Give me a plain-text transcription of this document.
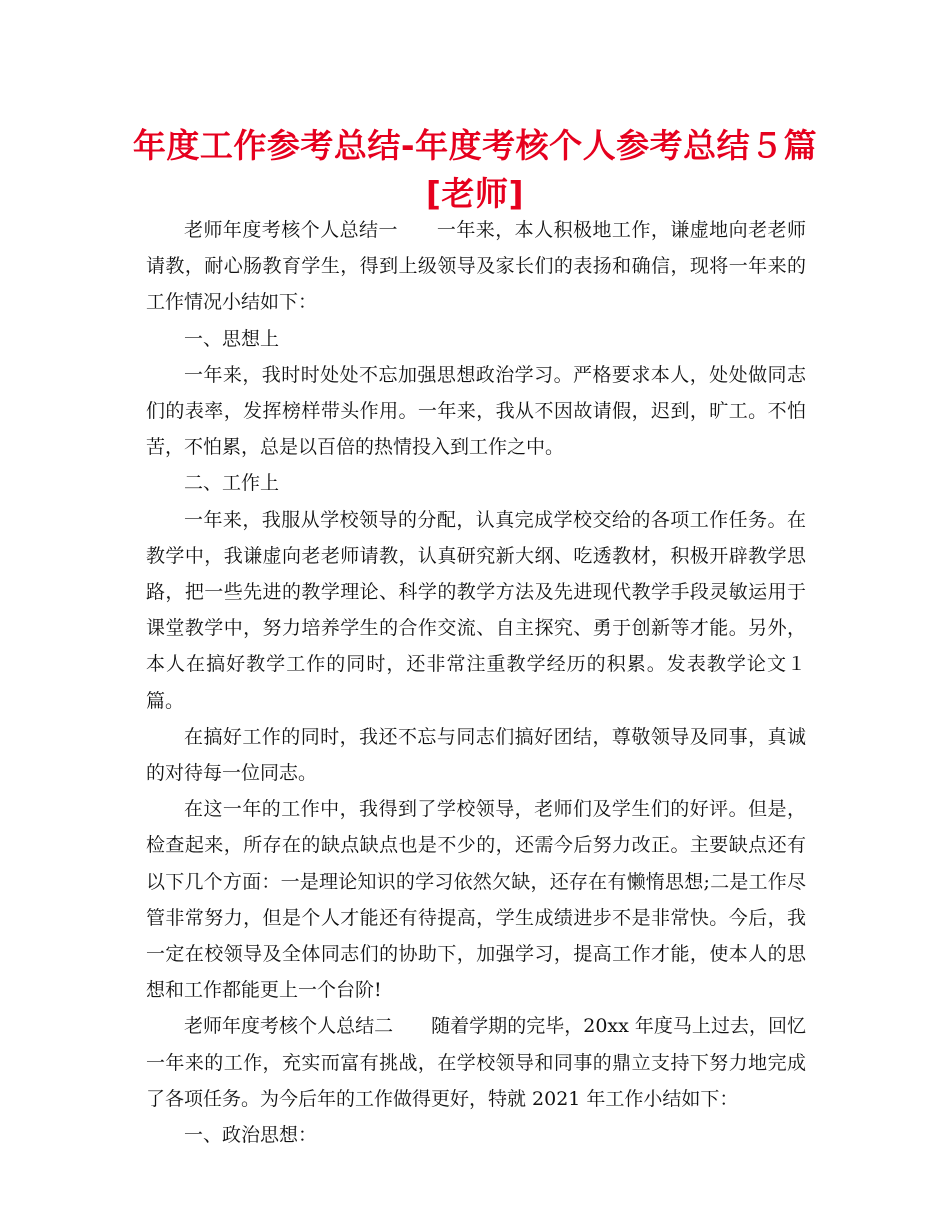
年度工作参考总结-年度考核个人参考总结５篇
[老师]

老师年度考核个人总结一　　一年来，本人积极地工作，谦虚地向老老师请教，耐心肠教育学生，得到上级领导及家长们的表扬和确信，现将一年来的工作情况小结如下：

一、思想上

一年来，我时时处处不忘加强思想政治学习。严格要求本人，处处做同志们的表率，发挥榜样带头作用。一年来，我从不因故请假，迟到，旷工。不怕苦，不怕累，总是以百倍的热情投入到工作之中。

二、工作上

一年来，我服从学校领导的分配，认真完成学校交给的各项工作任务。在教学中，我谦虚向老老师请教，认真研究新大纲、吃透教材，积极开辟教学思路，把一些先进的教学理论、科学的教学方法及先进现代教学手段灵敏运用于课堂教学中，努力培养学生的合作交流、自主探究、勇于创新等才能。另外，本人在搞好教学工作的同时，还非常注重教学经历的积累。发表教学论文１篇。

在搞好工作的同时，我还不忘与同志们搞好团结，尊敬领导及同事，真诚的对待每一位同志。

在这一年的工作中，我得到了学校领导，老师们及学生们的好评。但是，检查起来，所存在的缺点缺点也是不少的，还需今后努力改正。主要缺点还有以下几个方面：一是理论知识的学习依然欠缺，还存在有懒惰思想;二是工作尽管非常努力，但是个人才能还有待提高，学生成绩进步不是非常快。今后，我一定在校领导及全体同志们的协助下，加强学习，提高工作才能，使本人的思想和工作都能更上一个台阶!

老师年度考核个人总结二　　随着学期的完毕，20xx 年度马上过去，回忆一年来的工作，充实而富有挑战，在学校领导和同事的鼎立支持下努力地完成了各项任务。为今后年的工作做得更好，特就 2021 年工作小结如下：

一、政治思想：
